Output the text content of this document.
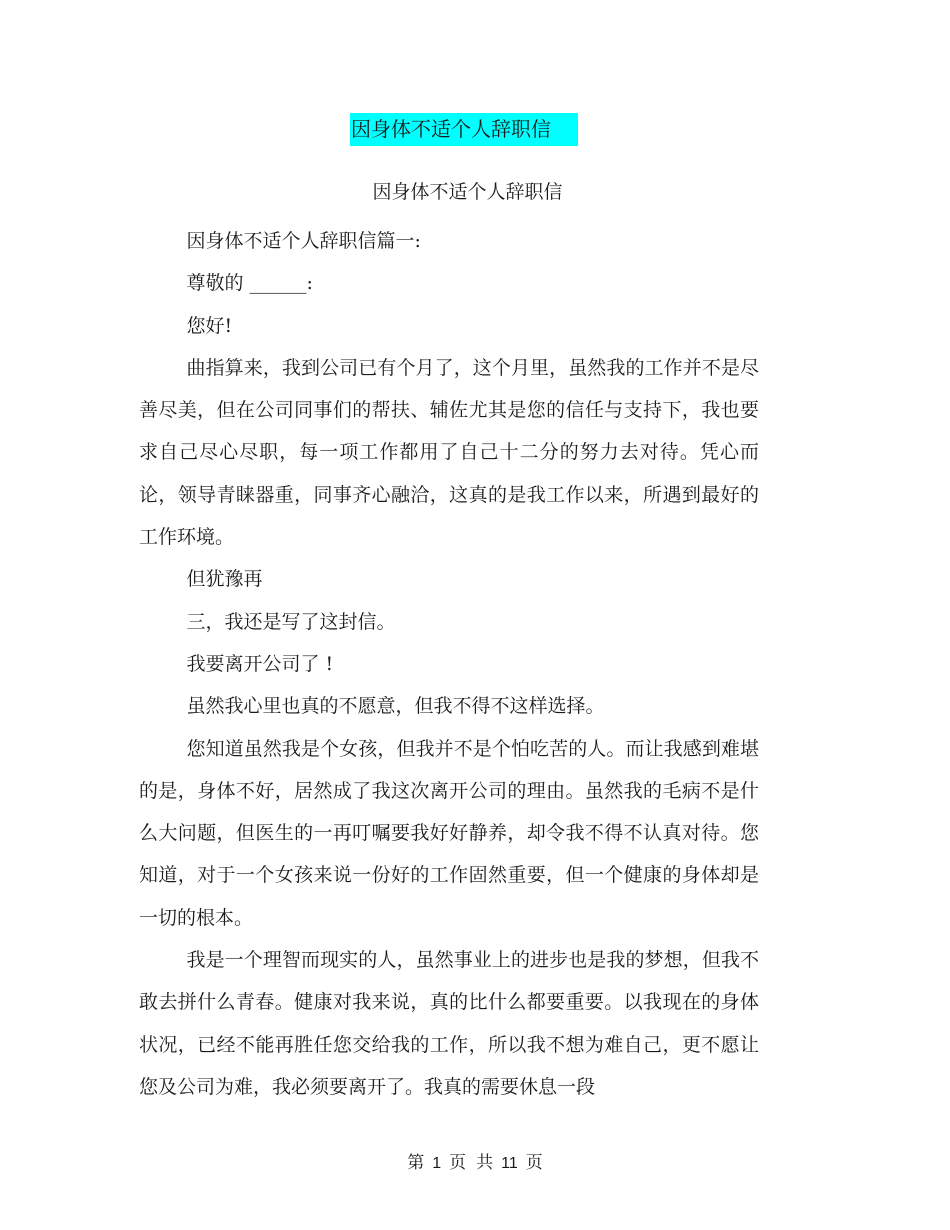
因身体不适个人辞职信
因身体不适个人辞职信

因身体不适个人辞职信篇一:

尊敬的 ______:

您好!

曲指算来，我到公司已有个月了，这个月里，虽然我的工作并不是尽善尽美，但在公司同事们的帮扶、辅佐尤其是您的信任与支持下，我也要求自己尽心尽职，每一项工作都用了自己十二分的努力去对待。凭心而论，领导青睐器重，同事齐心融洽，这真的是我工作以来，所遇到最好的工作环境。

但犹豫再

三，我还是写了这封信。

我要离开公司了 !

虽然我心里也真的不愿意，但我不得不这样选择。

您知道虽然我是个女孩，但我并不是个怕吃苦的人。而让我感到难堪的是，身体不好，居然成了我这次离开公司的理由。虽然我的毛病不是什么大问题，但医生的一再叮嘱要我好好静养，却令我不得不认真对待。您知道，对于一个女孩来说一份好的工作固然重要，但一个健康的身体却是一切的根本。

我是一个理智而现实的人，虽然事业上的进步也是我的梦想，但我不敢去拼什么青春。健康对我来说，真的比什么都要重要。以我现在的身体状况，已经不能再胜任您交给我的工作，所以我不想为难自己，更不愿让您及公司为难，我必须要离开了。我真的需要休息一段

第 1 页 共 11 页
